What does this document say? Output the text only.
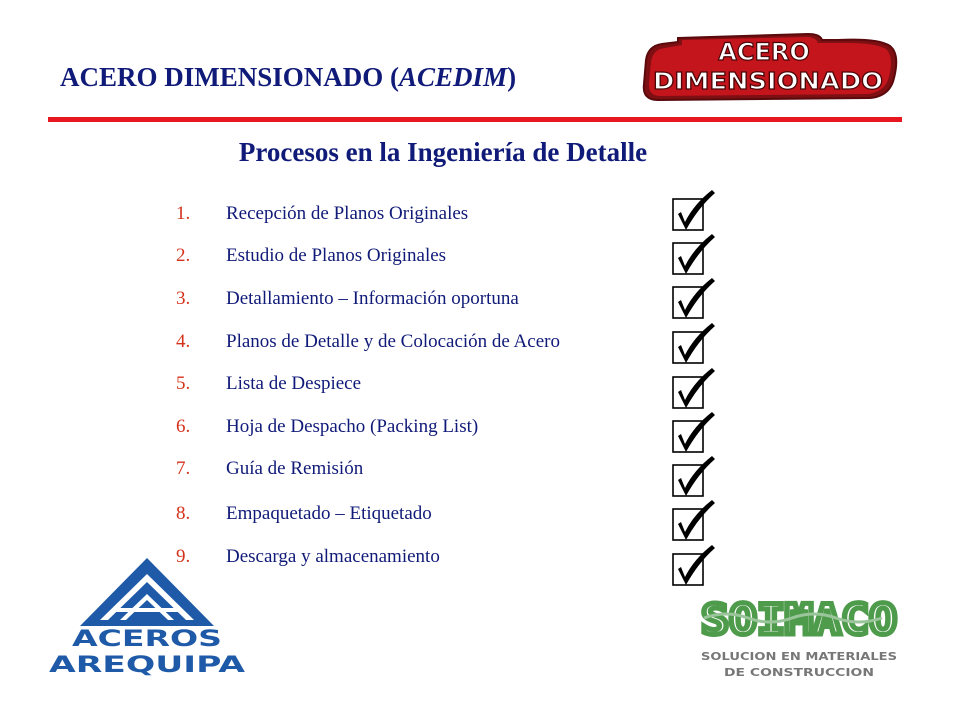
ACERO DIMENSIONADO (ACEDIM)
ACERO
DIMENSIONADO
Procesos en la Ingeniería de Detalle
1. Recepción de Planos Originales
2. Estudio de Planos Originales
3. Detallamiento – Información oportuna
4. Planos de Detalle y de Colocación de Acero
5. Lista de Despiece
6. Hoja de Despacho (Packing List)
7. Guía de Remisión
8. Empaquetado – Etiquetado
9. Descarga y almacenamiento
ACEROS
AREQUIPA
SOIMACO
SOLUCION EN MATERIALES
DE CONSTRUCCION
